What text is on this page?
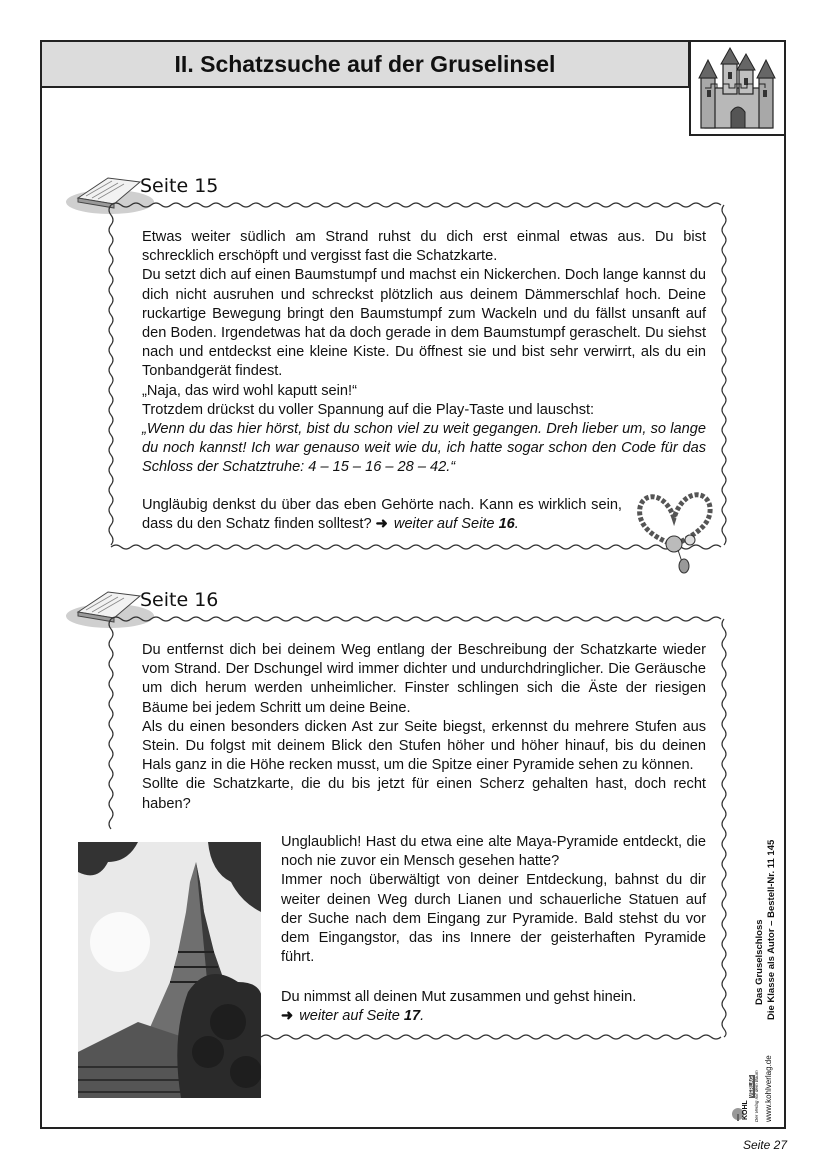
II. Schatzsuche auf der Gruselinsel
Seite 15

Etwas weiter südlich am Strand ruhst du dich erst einmal etwas aus. Du bist schrecklich erschöpft und vergisst fast die Schatzkarte.

Du setzt dich auf einen Baumstumpf und machst ein Nickerchen. Doch lange kannst du dich nicht ausruhen und schreckst plötzlich aus deinem Dämmerschlaf hoch. Deine ruckartige Bewegung bringt den Baumstumpf zum Wackeln und du fällst unsanft auf den Boden. Irgendetwas hat da doch gerade in dem Baumstumpf geraschelt. Du siehst nach und entdeckst eine kleine Kiste. Du öffnest sie und bist sehr verwirrt, als du ein Tonbandgerät findest.

„Naja, das wird wohl kaputt sein!“

Trotzdem drückst du voller Spannung auf die Play-Taste und lauschst:

„Wenn du das hier hörst, bist du schon viel zu weit gegangen. Dreh lieber um, so lange du noch kannst! Ich war genauso weit wie du, ich hatte sogar schon den Code für das Schloss der Schatztruhe: 4 – 15 – 16 – 28 – 42.“

Ungläubig denkst du über das eben Gehörte nach. Kann es wirklich sein, dass du den Schatz finden solltest? ➜ weiter auf Seite 16.
Seite 16

Du entfernst dich bei deinem Weg entlang der Beschreibung der Schatzkarte wieder vom Strand. Der Dschungel wird immer dichter und undurchdringlicher. Die Geräusche um dich herum werden unheimlicher. Finster schlingen sich die Äste der riesigen Bäume bei jedem Schritt um deine Beine.

Als du einen besonders dicken Ast zur Seite biegst, erkennst du mehrere Stufen aus Stein. Du folgst mit deinem Blick den Stufen höher und höher hinauf, bis du deinen Hals ganz in die Höhe recken musst, um die Spitze einer Pyramide sehen zu können.

Sollte die Schatzkarte, die du bis jetzt für einen Scherz gehalten hast, doch recht haben?

Unglaublich! Hast du etwa eine alte Maya-Pyramide entdeckt, die noch nie zuvor ein Mensch gesehen hatte?

Immer noch überwältigt von deiner Entdeckung, bahnst du dir weiter deinen Weg durch Lianen und schauerliche Statuen auf der Suche nach dem Eingang zur Pyramide. Bald stehst du vor dem Eingangstor, das ins Innere der geisterhaften Pyramide führt.

Du nimmst all deinen Mut zusammen und gehst hinein.

➜ weiter auf Seite 17.

Das Gruselschloss Die Klasse als Autor – Bestell-Nr. 11 145
www.kohlverlag.de
KOHL
VERLAG Der Verlag mit dem Baum
Seite 27
